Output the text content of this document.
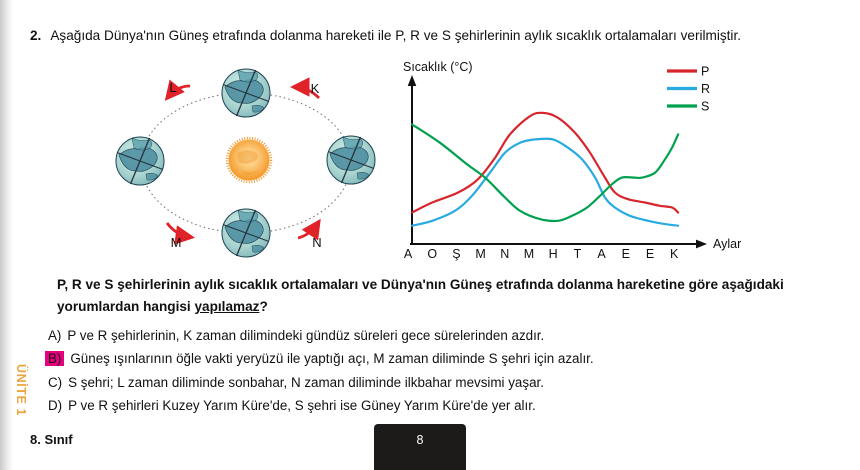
ÜNİTE 1
2. Aşağıda Dünya'nın Güneş etrafında dolanma hareketi ile P, R ve S şehirlerinin aylık sıcaklık ortalamaları verilmiştir.
L	K
M	N
Sıcaklık (°C)
Aylar
A O Ş M N M H T A E E K
P
R
S
P, R ve S şehirlerinin aylık sıcaklık ortalamaları ve Dünya'nın Güneş etrafında dolanma hareketine göre aşağıdaki yorumlardan hangisi yapılamaz?
A) P ve R şehirlerinin, K zaman dilimindeki gündüz süreleri gece sürelerinden azdır.
B) Güneş ışınlarının öğle vakti yeryüzü ile yaptığı açı, M zaman diliminde S şehri için azalır.
C) S şehri; L zaman diliminde sonbahar, N zaman diliminde ilkbahar mevsimi yaşar.
D) P ve R şehirleri Kuzey Yarım Küre'de, S şehri ise Güney Yarım Küre'de yer alır.
8. Sınıf	8
